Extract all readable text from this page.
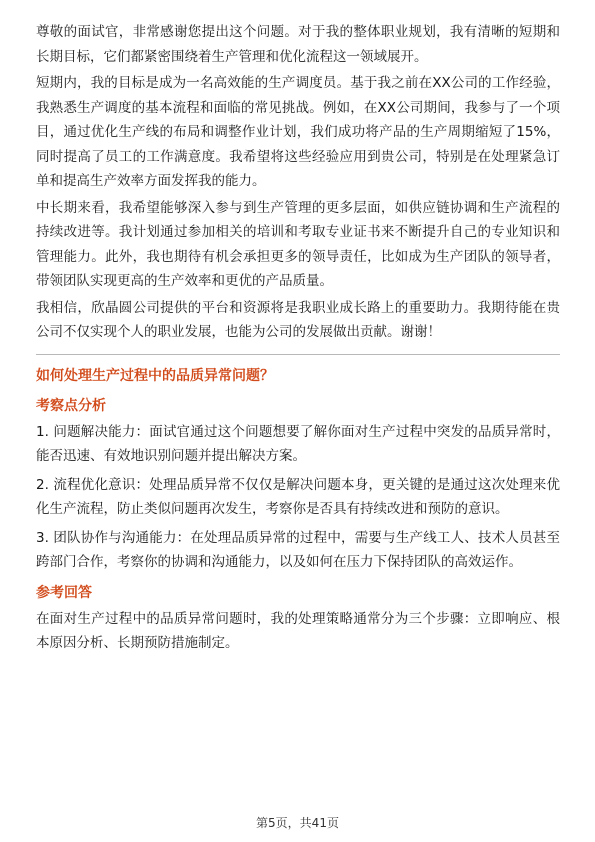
尊敬的面试官，非常感谢您提出这个问题。对于我的整体职业规划，我有清晰的短期和长期目标，它们都紧密围绕着生产管理和优化流程这一领域展开。

短期内，我的目标是成为一名高效能的生产调度员。基于我之前在XX公司的工作经验，我熟悉生产调度的基本流程和面临的常见挑战。例如，在XX公司期间，我参与了一个项目，通过优化生产线的布局和调整作业计划，我们成功将产品的生产周期缩短了15%，同时提高了员工的工作满意度。我希望将这些经验应用到贵公司，特别是在处理紧急订单和提高生产效率方面发挥我的能力。

中长期来看，我希望能够深入参与到生产管理的更多层面，如供应链协调和生产流程的持续改进等。我计划通过参加相关的培训和考取专业证书来不断提升自己的专业知识和管理能力。此外，我也期待有机会承担更多的领导责任，比如成为生产团队的领导者，带领团队实现更高的生产效率和更优的产品质量。

我相信，欣晶圆公司提供的平台和资源将是我职业成长路上的重要助力。我期待能在贵公司不仅实现个人的职业发展，也能为公司的发展做出贡献。谢谢！

如何处理生产过程中的品质异常问题？
考察点分析

1. 问题解决能力：面试官通过这个问题想要了解你面对生产过程中突发的品质异常时，能否迅速、有效地识别问题并提出解决方案。

2. 流程优化意识：处理品质异常不仅仅是解决问题本身，更关键的是通过这次处理来优化生产流程，防止类似问题再次发生，考察你是否具有持续改进和预防的意识。

3. 团队协作与沟通能力：在处理品质异常的过程中，需要与生产线工人、技术人员甚至跨部门合作，考察你的协调和沟通能力，以及如何在压力下保持团队的高效运作。

参考回答

在面对生产过程中的品质异常问题时，我的处理策略通常分为三个步骤：立即响应、根本原因分析、长期预防措施制定。

第5页，共41页
